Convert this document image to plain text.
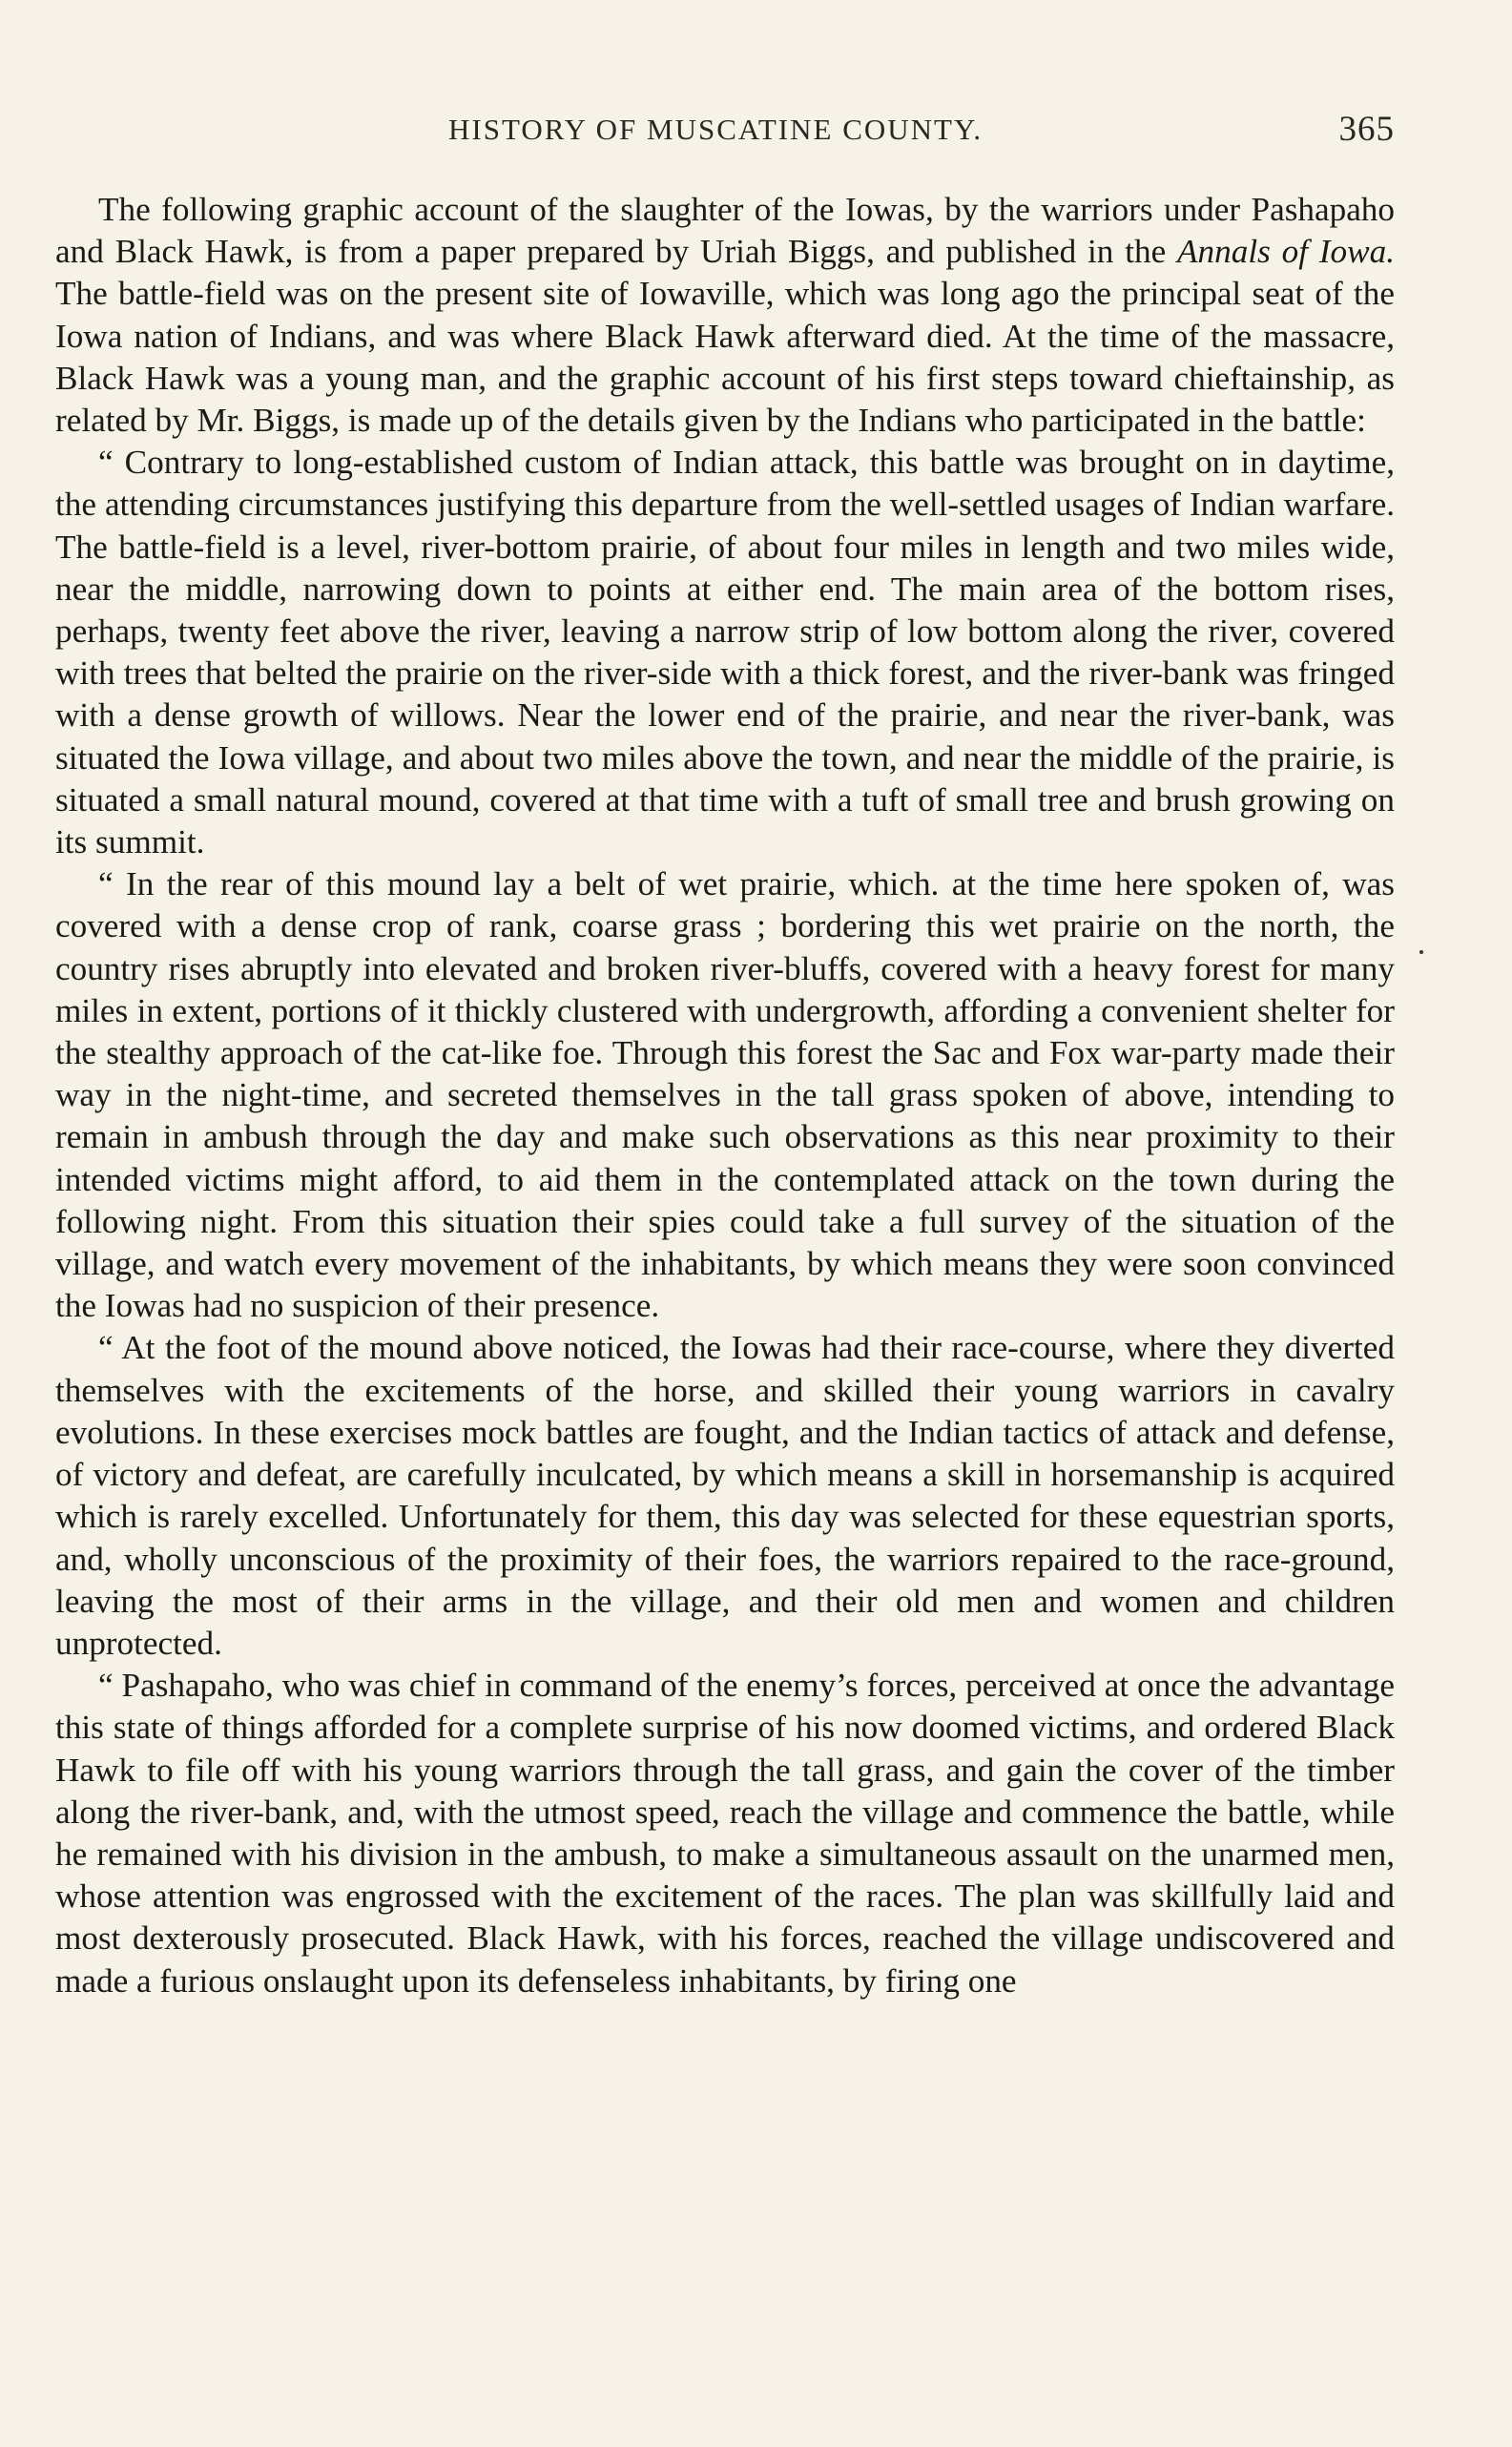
HISTORY OF MUSCATINE COUNTY.	365

The following graphic account of the slaughter of the Iowas, by the warriors under Pashapaho and Black Hawk, is from a paper prepared by Uriah Biggs, and published in the Annals of Iowa. The battle-field was on the present site of Iowaville, which was long ago the principal seat of the Iowa nation of Indians, and was where Black Hawk afterward died. At the time of the massacre, Black Hawk was a young man, and the graphic account of his first steps toward chieftainship, as related by Mr. Biggs, is made up of the details given by the Indians who participated in the battle:

“ Contrary to long-established custom of Indian attack, this battle was brought on in daytime, the attending circumstances justifying this departure from the well-settled usages of Indian warfare. The battle-field is a level, river-bottom prairie, of about four miles in length and two miles wide, near the middle, narrowing down to points at either end. The main area of the bottom rises, perhaps, twenty feet above the river, leaving a narrow strip of low bottom along the river, covered with trees that belted the prairie on the river-side with a thick forest, and the river-bank was fringed with a dense growth of willows. Near the lower end of the prairie, and near the river-bank, was situated the Iowa village, and about two miles above the town, and near the middle of the prairie, is situated a small natural mound, covered at that time with a tuft of small tree and brush growing on its summit.

“ In the rear of this mound lay a belt of wet prairie, which. at the time here spoken of, was covered with a dense crop of rank, coarse grass ; bordering this wet prairie on the north, the country rises abruptly into elevated and broken river-bluffs, covered with a heavy forest for many miles in extent, portions of it thickly clustered with undergrowth, affording a convenient shelter for the stealthy approach of the cat-like foe. Through this forest the Sac and Fox war-party made their way in the night-time, and secreted themselves in the tall grass spoken of above, intending to remain in ambush through the day and make such observations as this near proximity to their intended victims might afford, to aid them in the contemplated attack on the town during the following night. From this situation their spies could take a full survey of the situation of the village, and watch every movement of the inhabitants, by which means they were soon convinced the Iowas had no suspicion of their presence.

“ At the foot of the mound above noticed, the Iowas had their race-course, where they diverted themselves with the excitements of the horse, and skilled their young warriors in cavalry evolutions. In these exercises mock battles are fought, and the Indian tactics of attack and defense, of victory and defeat, are carefully inculcated, by which means a skill in horsemanship is acquired which is rarely excelled. Unfortunately for them, this day was selected for these equestrian sports, and, wholly unconscious of the proximity of their foes, the warriors repaired to the race-ground, leaving the most of their arms in the village, and their old men and women and children unprotected.

“ Pashapaho, who was chief in command of the enemy’s forces, perceived at once the advantage this state of things afforded for a complete surprise of his now doomed victims, and ordered Black Hawk to file off with his young warriors through the tall grass, and gain the cover of the timber along the river-bank, and, with the utmost speed, reach the village and commence the battle, while he remained with his division in the ambush, to make a simultaneous assault on the unarmed men, whose attention was engrossed with the excitement of the races. The plan was skillfully laid and most dexterously prosecuted. Black Hawk, with his forces, reached the village undiscovered and made a furious onslaught upon its defenseless inhabitants, by firing one
